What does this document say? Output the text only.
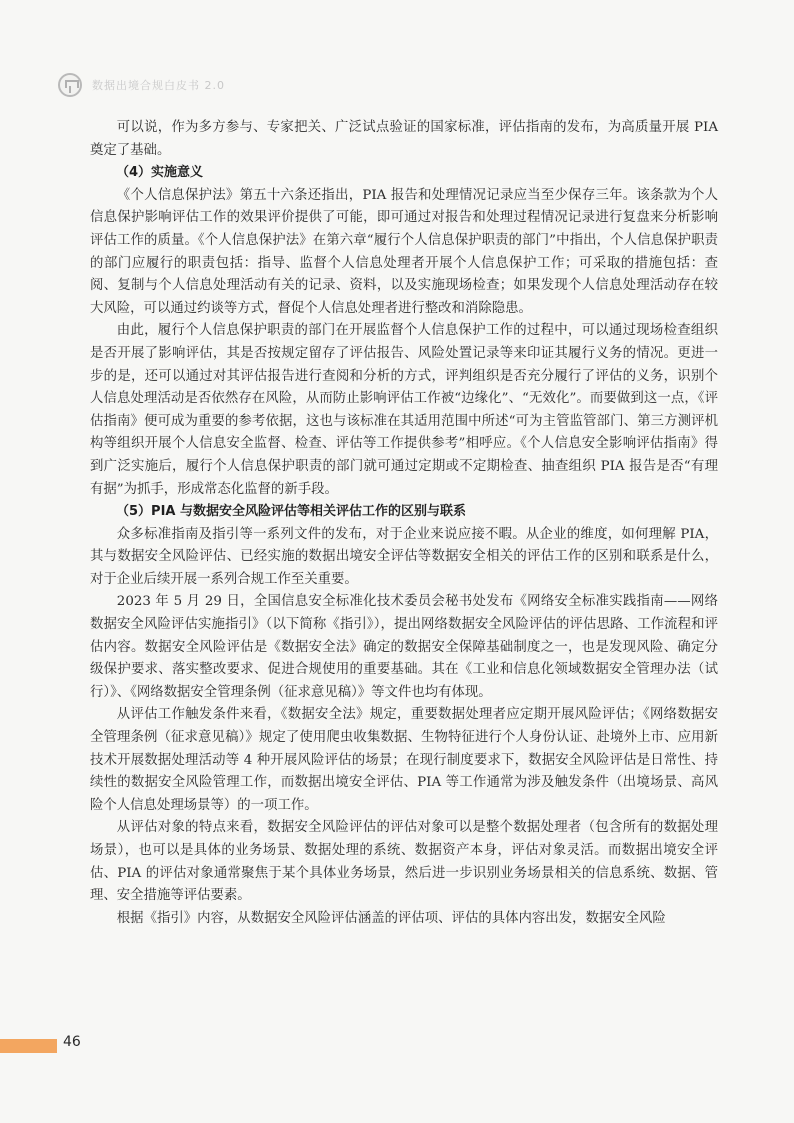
数据出境合规白皮书 2.0

可以说，作为多方参与、专家把关、广泛试点验证的国家标准，评估指南的发布，为高质量开展 PIA 奠定了基础。

（4）实施意义

《个人信息保护法》第五十六条还指出，PIA 报告和处理情况记录应当至少保存三年。该条款为个人信息保护影响评估工作的效果评价提供了可能，即可通过对报告和处理过程情况记录进行复盘来分析影响评估工作的质量。《个人信息保护法》在第六章“履行个人信息保护职责的部门”中指出，个人信息保护职责的部门应履行的职责包括：指导、监督个人信息处理者开展个人信息保护工作；可采取的措施包括：查阅、复制与个人信息处理活动有关的记录、资料，以及实施现场检查；如果发现个人信息处理活动存在较大风险，可以通过约谈等方式，督促个人信息处理者进行整改和消除隐患。

由此，履行个人信息保护职责的部门在开展监督个人信息保护工作的过程中，可以通过现场检查组织是否开展了影响评估，其是否按规定留存了评估报告、风险处置记录等来印证其履行义务的情况。更进一步的是，还可以通过对其评估报告进行查阅和分析的方式，评判组织是否充分履行了评估的义务，识别个人信息处理活动是否依然存在风险，从而防止影响评估工作被“边缘化”、“无效化”。而要做到这一点，《评估指南》便可成为重要的参考依据，这也与该标准在其适用范围中所述“可为主管监管部门、第三方测评机构等组织开展个人信息安全监督、检查、评估等工作提供参考”相呼应。《个人信息安全影响评估指南》得到广泛实施后，履行个人信息保护职责的部门就可通过定期或不定期检查、抽查组织 PIA 报告是否“有理有据”为抓手，形成常态化监督的新手段。

（5）PIA 与数据安全风险评估等相关评估工作的区别与联系

众多标准指南及指引等一系列文件的发布，对于企业来说应接不暇。从企业的维度，如何理解 PIA，其与数据安全风险评估、已经实施的数据出境安全评估等数据安全相关的评估工作的区别和联系是什么，对于企业后续开展一系列合规工作至关重要。

2023 年 5 月 29 日，全国信息安全标准化技术委员会秘书处发布《网络安全标准实践指南——网络数据安全风险评估实施指引》（以下简称《指引》），提出网络数据安全风险评估的评估思路、工作流程和评估内容。数据安全风险评估是《数据安全法》确定的数据安全保障基础制度之一，也是发现风险、确定分级保护要求、落实整改要求、促进合规使用的重要基础。其在《工业和信息化领域数据安全管理办法（试行）》、《网络数据安全管理条例（征求意见稿）》等文件也均有体现。

从评估工作触发条件来看，《数据安全法》规定，重要数据处理者应定期开展风险评估；《网络数据安全管理条例（征求意见稿）》规定了使用爬虫收集数据、生物特征进行个人身份认证、赴境外上市、应用新技术开展数据处理活动等 4 种开展风险评估的场景；在现行制度要求下，数据安全风险评估是日常性、持续性的数据安全风险管理工作，而数据出境安全评估、PIA 等工作通常为涉及触发条件（出境场景、高风险个人信息处理场景等）的一项工作。

从评估对象的特点来看，数据安全风险评估的评估对象可以是整个数据处理者（包含所有的数据处理场景），也可以是具体的业务场景、数据处理的系统、数据资产本身，评估对象灵活。而数据出境安全评估、PIA 的评估对象通常聚焦于某个具体业务场景，然后进一步识别业务场景相关的信息系统、数据、管理、安全措施等评估要素。

根据《指引》内容，从数据安全风险评估涵盖的评估项、评估的具体内容出发，数据安全风险

46
